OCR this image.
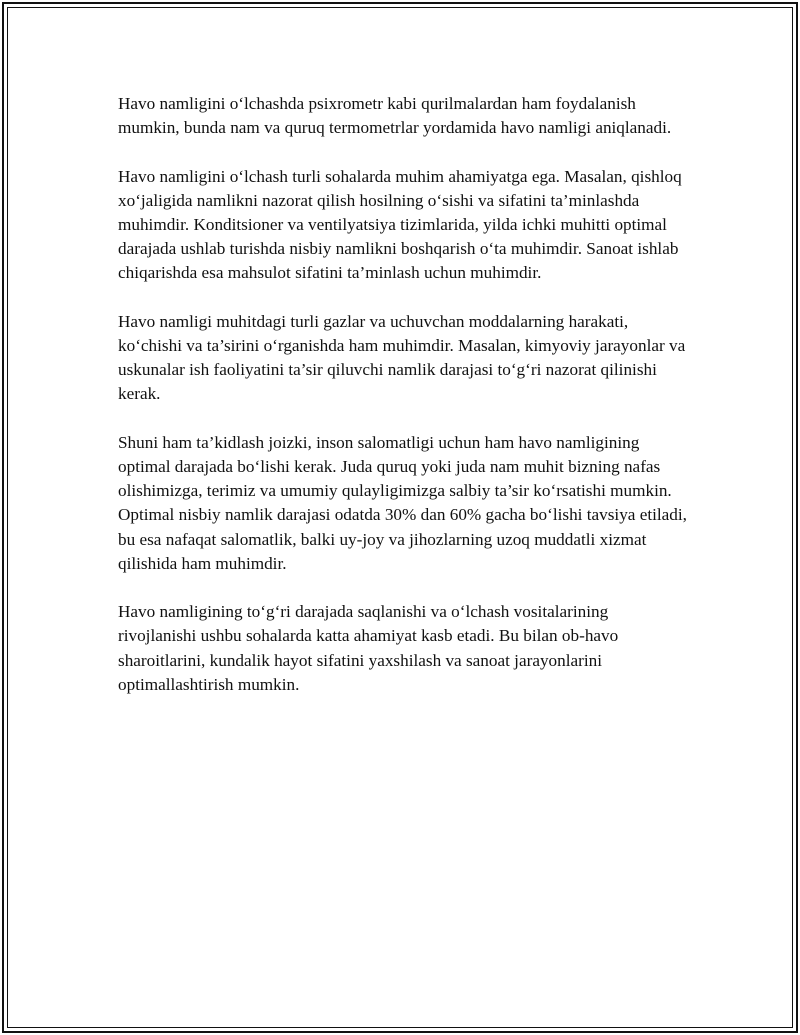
Havo namligini o‘lchashda psixrometr kabi qurilmalardan ham foydalanish mumkin, bunda nam va quruq termometrlar yordamida havo namligi aniqlanadi.

Havo namligini o‘lchash turli sohalarda muhim ahamiyatga ega. Masalan, qishloq xo‘jaligida namlikni nazorat qilish hosilning o‘sishi va sifatini ta’minlashda muhimdir. Konditsioner va ventilyatsiya tizimlarida, yilda ichki muhitti optimal darajada ushlab turishda nisbiy namlikni boshqarish o‘ta muhimdir. Sanoat ishlab chiqarishda esa mahsulot sifatini ta’minlash uchun muhimdir.

Havo namligi muhitdagi turli gazlar va uchuvchan moddalarning harakati, ko‘chishi va ta’sirini o‘rganishda ham muhimdir. Masalan, kimyoviy jarayonlar va uskunalar ish faoliyatini ta’sir qiluvchi namlik darajasi to‘g‘ri nazorat qilinishi kerak.

Shuni ham ta’kidlash joizki, inson salomatligi uchun ham havo namligining optimal darajada bo‘lishi kerak. Juda quruq yoki juda nam muhit bizning nafas olishimizga, terimiz va umumiy qulayligimizga salbiy ta’sir ko‘rsatishi mumkin. Optimal nisbiy namlik darajasi odatda 30% dan 60% gacha bo‘lishi tavsiya etiladi, bu esa nafaqat salomatlik, balki uy-joy va jihozlarning uzoq muddatli xizmat qilishida ham muhimdir.

Havo namligining to‘g‘ri darajada saqlanishi va o‘lchash vositalarining rivojlanishi ushbu sohalarda katta ahamiyat kasb etadi. Bu bilan ob-havo sharoitlarini, kundalik hayot sifatini yaxshilash va sanoat jarayonlarini optimallashtirish mumkin.
